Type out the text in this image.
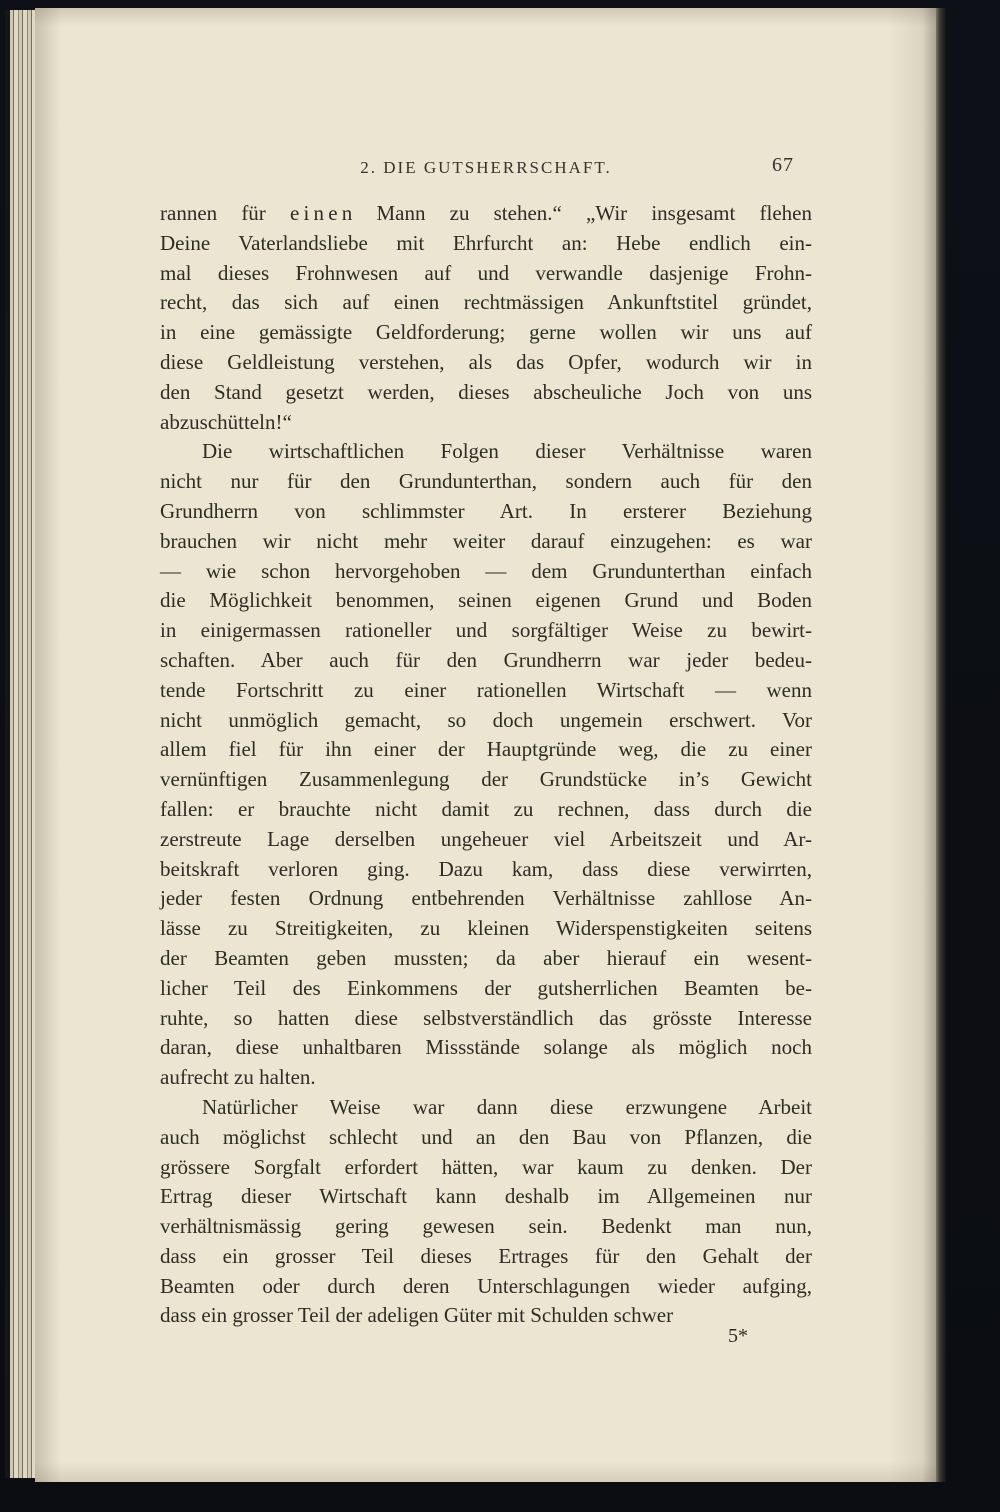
2. DIE GUTSHERRSCHAFT.	67
rannen für e i n e n Mann zu stehen.“ „Wir insgesamt flehen
Deine Vaterlandsliebe mit Ehrfurcht an: Hebe endlich ein-
mal dieses Frohnwesen auf und verwandle dasjenige Frohn-
recht, das sich auf einen rechtmässigen Ankunftstitel gründet,
in eine gemässigte Geldforderung; gerne wollen wir uns auf
diese Geldleistung verstehen, als das Opfer, wodurch wir in
den Stand gesetzt werden, dieses abscheuliche Joch von uns
abzuschütteln!“
Die wirtschaftlichen Folgen dieser Verhältnisse waren
nicht nur für den Grundunterthan, sondern auch für den
Grundherrn von schlimmster Art. In ersterer Beziehung
brauchen wir nicht mehr weiter darauf einzugehen: es war
— wie schon hervorgehoben — dem Grundunterthan einfach
die Möglichkeit benommen, seinen eigenen Grund und Boden
in einigermassen rationeller und sorgfältiger Weise zu bewirt-
schaften. Aber auch für den Grundherrn war jeder bedeu-
tende Fortschritt zu einer rationellen Wirtschaft — wenn
nicht unmöglich gemacht, so doch ungemein erschwert. Vor
allem fiel für ihn einer der Hauptgründe weg, die zu einer
vernünftigen Zusammenlegung der Grundstücke in’s Gewicht
fallen: er brauchte nicht damit zu rechnen, dass durch die
zerstreute Lage derselben ungeheuer viel Arbeitszeit und Ar-
beitskraft verloren ging. Dazu kam, dass diese verwirrten,
jeder festen Ordnung entbehrenden Verhältnisse zahllose An-
lässe zu Streitigkeiten, zu kleinen Widerspenstigkeiten seitens
der Beamten geben mussten; da aber hierauf ein wesent-
licher Teil des Einkommens der gutsherrlichen Beamten be-
ruhte, so hatten diese selbstverständlich das grösste Interesse
daran, diese unhaltbaren Missstände solange als möglich noch
aufrecht zu halten.
Natürlicher Weise war dann diese erzwungene Arbeit
auch möglichst schlecht und an den Bau von Pflanzen, die
grössere Sorgfalt erfordert hätten, war kaum zu denken. Der
Ertrag dieser Wirtschaft kann deshalb im Allgemeinen nur
verhältnismässig gering gewesen sein. Bedenkt man nun,
dass ein grosser Teil dieses Ertrages für den Gehalt der
Beamten oder durch deren Unterschlagungen wieder aufging,
dass ein grosser Teil der adeligen Güter mit Schulden schwer
5*
